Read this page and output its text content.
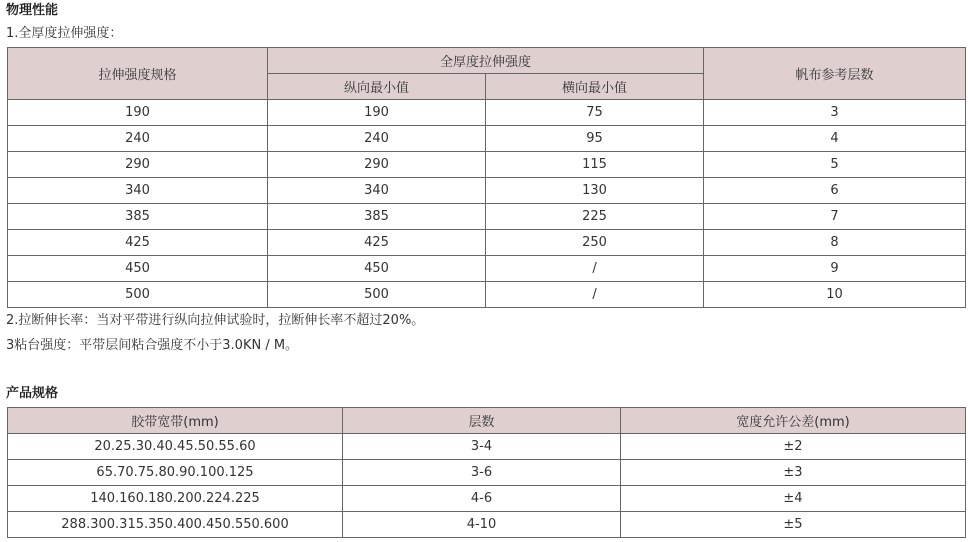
物理性能
1.全厚度拉伸强度：
拉伸强度规格	全厚度拉伸强度		帆布参考层数
	纵向最小值	横向最小值	
190	190	75	3
240	240	95	4
290	290	115	5
340	340	130	6
385	385	225	7
425	425	250	8
450	450	/	9
500	500	/	10
2.拉断伸长率：当对平带进行纵向拉伸试验时，拉断伸长率不超过20%。
3粘台强度：平带层间粘合强度不小于3.0KN / M。
产品规格
胶带宽带(mm)	层数	宽度允许公差(mm)
20.25.30.40.45.50.55.60	3-4	±2
65.70.75.80.90.100.125	3-6	±3
140.160.180.200.224.225	4-6	±4
288.300.315.350.400.450.550.600	4-10	±5
